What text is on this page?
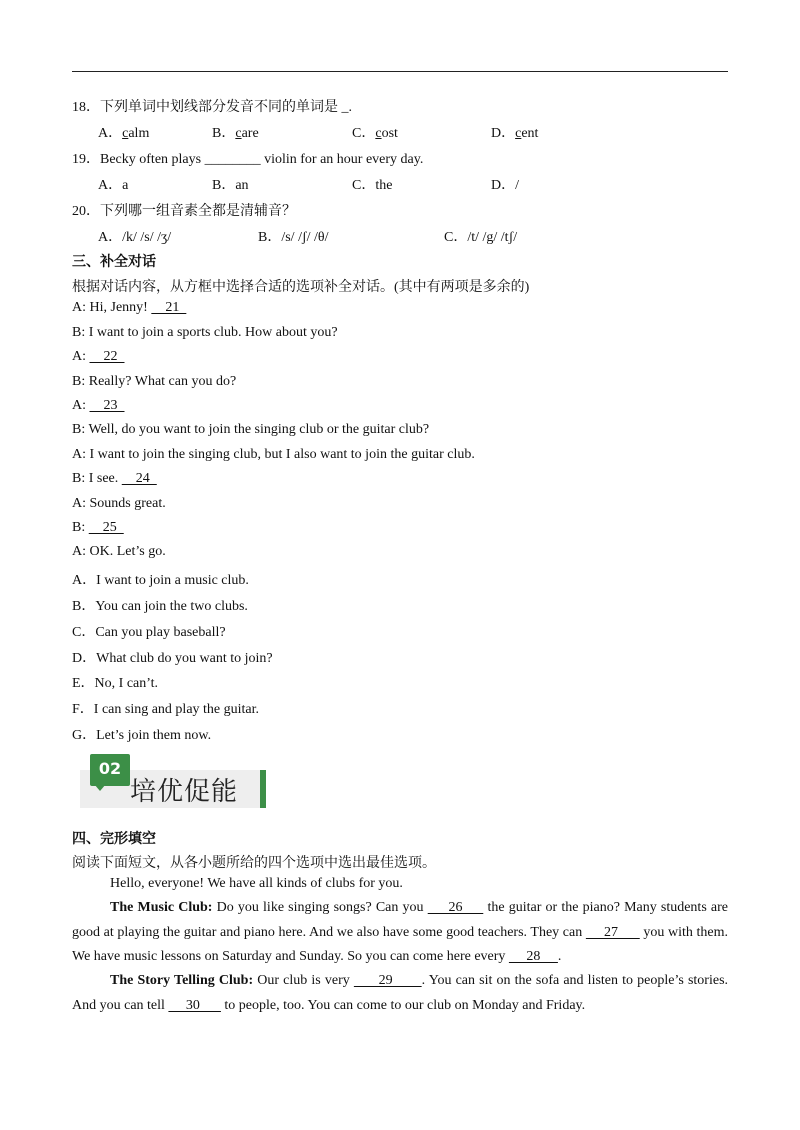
18．下列单词中划线部分发音不同的单词是 _.
A．calm	B．care	C．cost	D．cent
19．Becky often plays ________ violin for an hour every day.
A．a	B．an	C．the	D．/
20．下列哪一组音素全都是清辅音？
A．/k/ /s/ /ʒ/	B．/s/ /ʃ/ /θ/	C．/t/ /g/ /tʃ/
三、补全对话
根据对话内容，从方框中选择合适的选项补全对话。(其中有两项是多余的)
A: Hi, Jenny!     21
B: I want to join a sports club. How about you?
A:     22
B: Really? What can you do?
A:     23
B: Well, do you want to join the singing club or the guitar club?
A: I want to join the singing club, but I also want to join the guitar club.
B: I see.     24
A: Sounds great.
B:     25
A: OK. Let’s go.
A．I want to join a music club.
B．You can join the two clubs.
C．Can you play baseball?
D．What club do you want to join?
E．No, I can’t.
F．I can sing and play the guitar.
G．Let’s join them now.
02
培优促能
四、完形填空
阅读下面短文，从各小题所给的四个选项中选出最佳选项。
Hello, everyone! We have all kinds of clubs for you.
The Music Club: Do you like singing songs? Can you      26      the guitar or the piano? Many students are good at playing the guitar and piano here. And we also have some good teachers. They can      27       you with them. We have music lessons on Saturday and Sunday. So you can come here every      28     .
The Story Telling Club: Our club is very       29       . You can sit on the sofa and listen to people’s stories. And you can tell      30       to people, too. You can come to our club on Monday and Friday.
